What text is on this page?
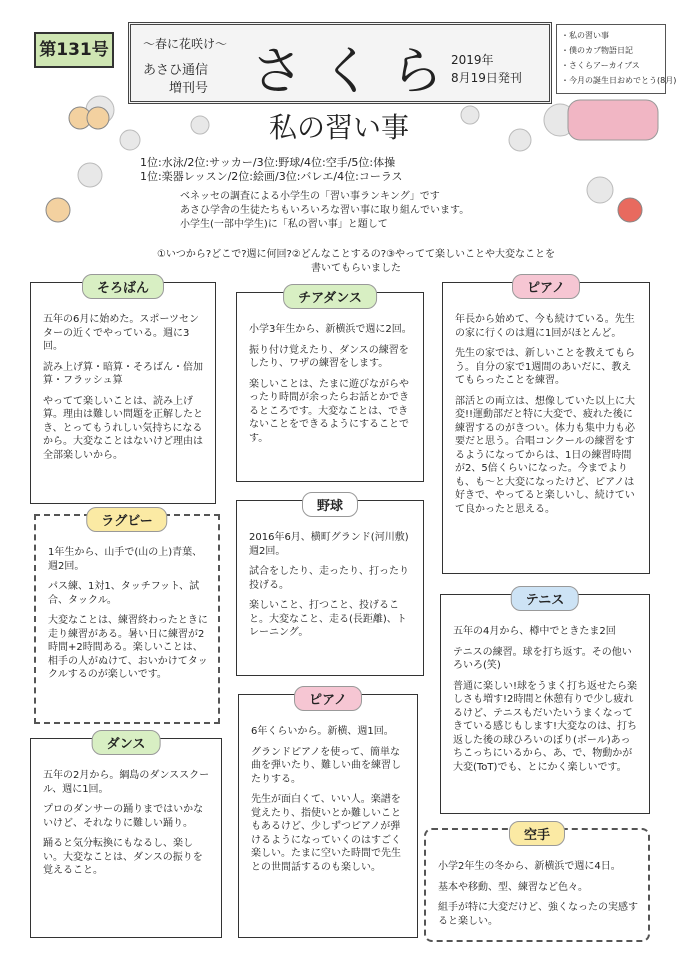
第131号	〜春に花咲け〜
あさひ通信
増刊号 さくら
2019年
8月19日発刊
・私の習い事
・僕のカブ物語日記
・さくらアーカイブス
・今月の誕生日おめでとう(8月)
私の習い事
1位:水泳/2位:サッカー/3位:野球/4位:空手/5位:体操
1位:楽器レッスン/2位:絵画/3位:バレエ/4位:コーラス
ベネッセの調査による小学生の「習い事ランキング」です
あさひ学舎の生徒たちもいろいろな習い事に取り組んでいます。
小学生(一部中学生)に「私の習い事」と題して
①いつから?どこで?週に何回?②どんなことするの?③やってて楽しいことや大変なことを
書いてもらいました
そろばん

五年の6月に始めた。スポーツセンターの近くでやっている。週に3回。

読み上げ算・暗算・そろばん・倍加算・フラッシュ算

やってて楽しいことは、読み上げ算。理由は難しい問題を正解したとき、とってもうれしい気持ちになるから。大変なことはないけど理由は全部楽しいから。

チアダンス

小学3年生から、新横浜で週に2回。

振り付け覚えたり、ダンスの練習をしたり、ワザの練習をします。

楽しいことは、たまに遊びながらやったり時間が余ったらお話とかできるところです。大変なことは、できないことをできるようにすることです。

ピアノ

年長から始めて、今も続けている。先生の家に行くのは週に1回がほとんど。

先生の家では、新しいことを教えてもらう。自分の家で1週間のあいだに、教えてもらったことを練習。

部活との両立は、想像していた以上に大変!!運動部だと特に大変で、疲れた後に練習するのがきつい。体力も集中力も必要だと思う。合唱コンクールの練習をするようになってからは、1日の練習時間が2、5倍くらいになった。今までよりも、も〜と大変になったけど、ピアノは好きで、やってると楽しいし、続けていて良かったと思える。

ラグビー

1年生から、山手で(山の上)青葉、週2回。

パス練、1対1、タッチフット、試合、タックル。

大変なことは、練習終わったときに走り練習がある。暑い日に練習が2時間+2時間ある。楽しいことは、相手の人がぬけて、おいかけてタックルするのが楽しいです。

野球

2016年6月、横町グランド(河川敷)週2回。

試合をしたり、走ったり、打ったり投げる。

楽しいこと、打つこと、投げること。大変なこと、走る(長距離)、トレーニング。

テニス

五年の4月から、樽中でときたま2回

テニスの練習。球を打ち返す。その他いろいろ(笑)

普通に楽しい!球をうまく打ち返せたら楽しさも増す!2時間と休憩有りで少し疲れるけど、テニスもだいたいうまくなってきている感じもします!大変なのは、打ち返した後の球ひろいのぼり(ボール)あっちこっちにいるから、あ、で、物動かが大変(ToT)でも、とにかく楽しいです。

ピアノ

6年くらいから。新横、週1回。

グランドピアノを使って、簡単な曲を弾いたり、難しい曲を練習したりする。

先生が面白くて、いい人。楽譜を覚えたり、指使いとか難しいこともあるけど、少しずつピアノが弾けるようになっていくのはすごく楽しい。たまに空いた時間で先生との世間話するのも楽しい。

ダンス

五年の2月から。綱島のダンススクール、週に1回。

プロのダンサーの踊りまではいかないけど、それなりに難しい踊り。

踊ると気分転換にもなるし、楽しい。大変なことは、ダンスの振りを覚えること。

空手

小学2年生の冬から、新横浜で週に4日。

基本や移動、型、練習など色々。

組手が特に大変だけど、強くなったの実感すると楽しい。
